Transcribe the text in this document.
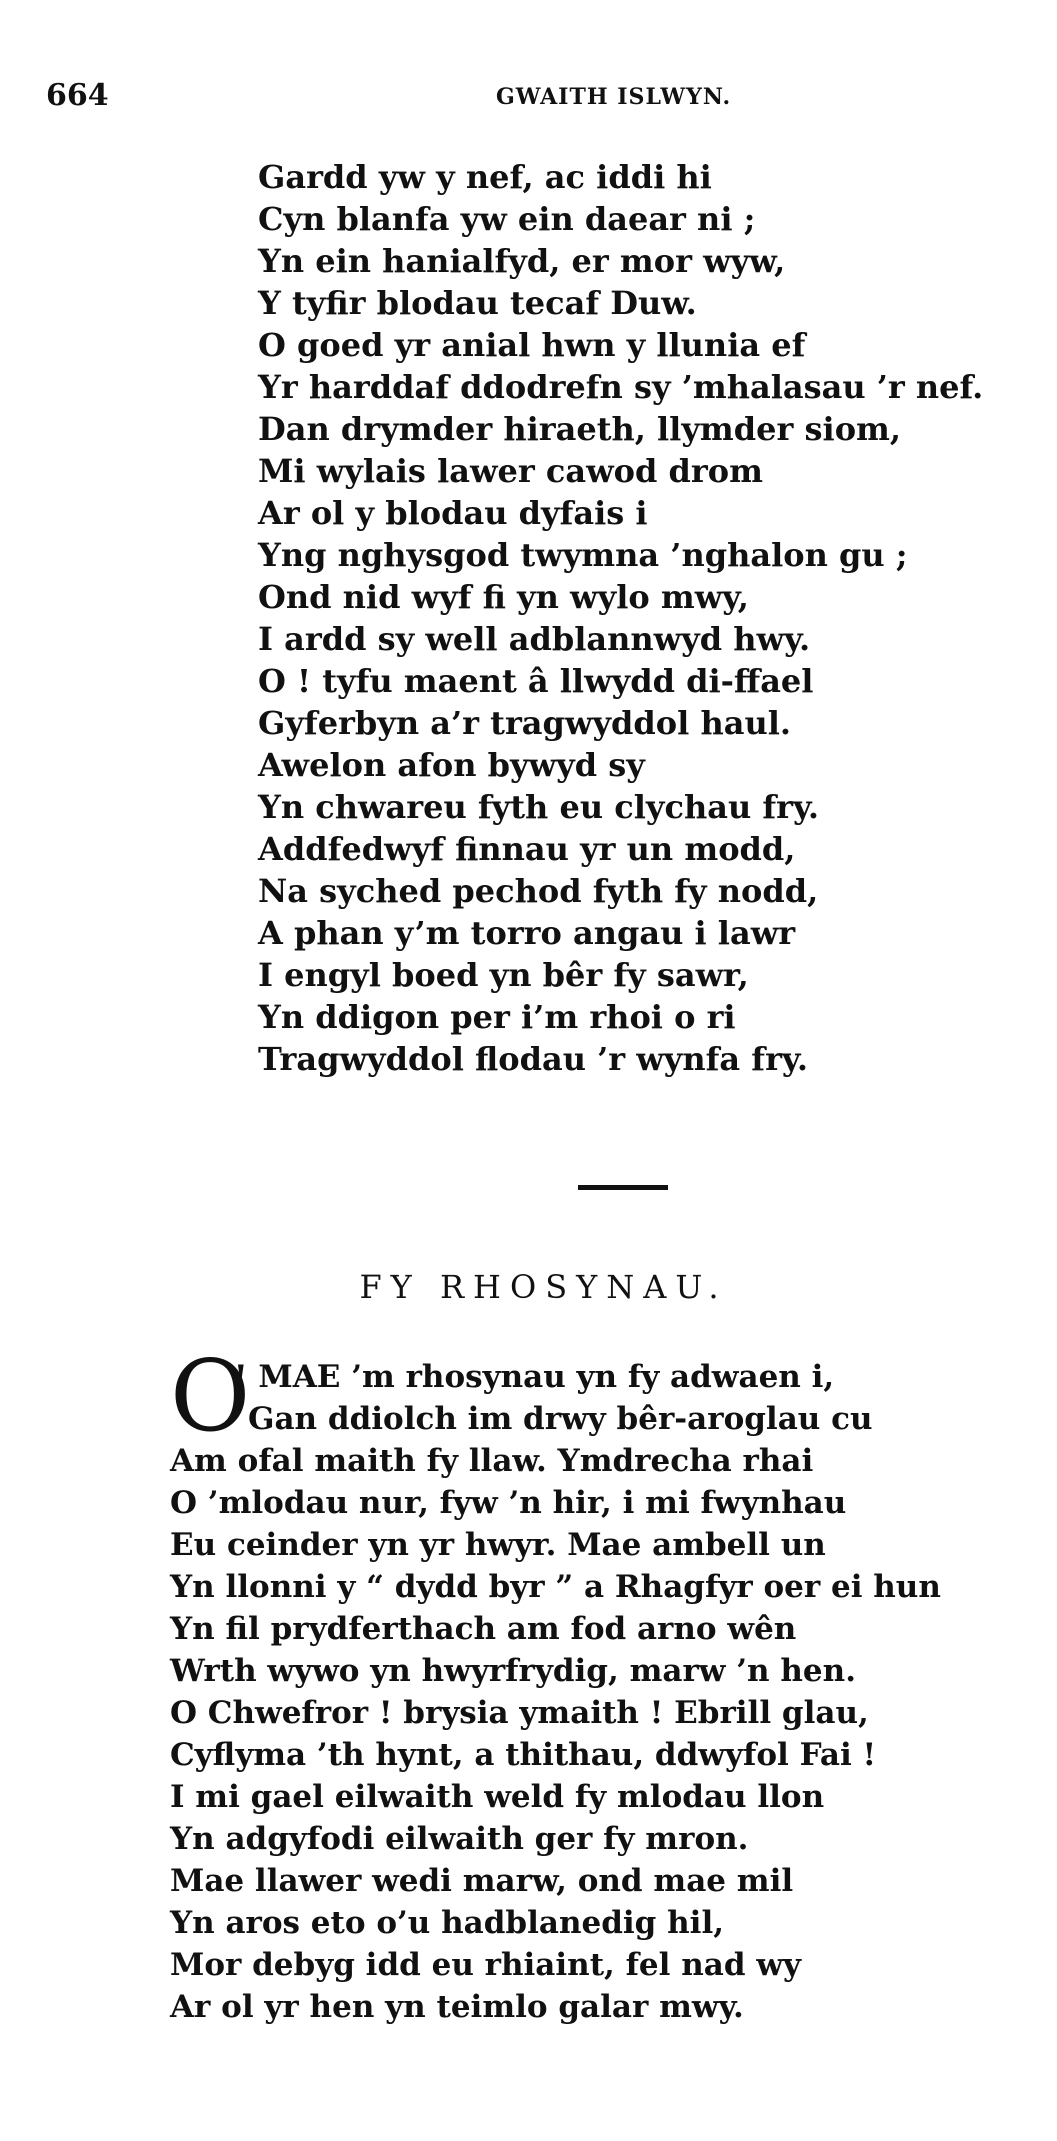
664	GWAITH ISLWYN.
Gardd yw y nef, ac iddi hi
Cyn blanfa yw ein daear ni ;
Yn ein hanialfyd, er mor wyw,
Y tyfir blodau tecaf Duw.
O goed yr anial hwn y llunia ef
Yr harddaf ddodrefn sy ’mhalasau ’r nef.
Dan drymder hiraeth, llymder siom,
Mi wylais lawer cawod drom
Ar ol y blodau dyfais i
Yng nghysgod twymna ’nghalon gu ;
Ond nid wyf fi yn wylo mwy,
I ardd sy well adblannwyd hwy.
O ! tyfu maent â llwydd di-ffael
Gyferbyn a’r tragwyddol haul.
Awelon afon bywyd sy
Yn chwareu fyth eu clychau fry.
Addfedwyf finnau yr un modd,
Na syched pechod fyth fy nodd,
A phan y’m torro angau i lawr
I engyl boed yn bêr fy sawr,
Yn ddigon per i’m rhoi o ri
Tragwyddol flodau ’r wynfa fry.
FY RHOSYNAU.
O
! MAE ’m rhosynau yn fy adwaen i,
Gan ddiolch im drwy bêr-aroglau cu
Am ofal maith fy llaw. Ymdrecha rhai
O ’mlodau nur, fyw ’n hir, i mi fwynhau
Eu ceinder yn yr hwyr. Mae ambell un
Yn llonni y “ dydd byr ” a Rhagfyr oer ei hun
Yn fil prydferthach am fod arno wên
Wrth wywo yn hwyrfrydig, marw ’n hen.
O Chwefror ! brysia ymaith ! Ebrill glau,
Cyflyma ’th hynt, a thithau, ddwyfol Fai !
I mi gael eilwaith weld fy mlodau llon
Yn adgyfodi eilwaith ger fy mron.
Mae llawer wedi marw, ond mae mil
Yn aros eto o’u hadblanedig hil,
Mor debyg idd eu rhiaint, fel nad wy
Ar ol yr hen yn teimlo galar mwy.
